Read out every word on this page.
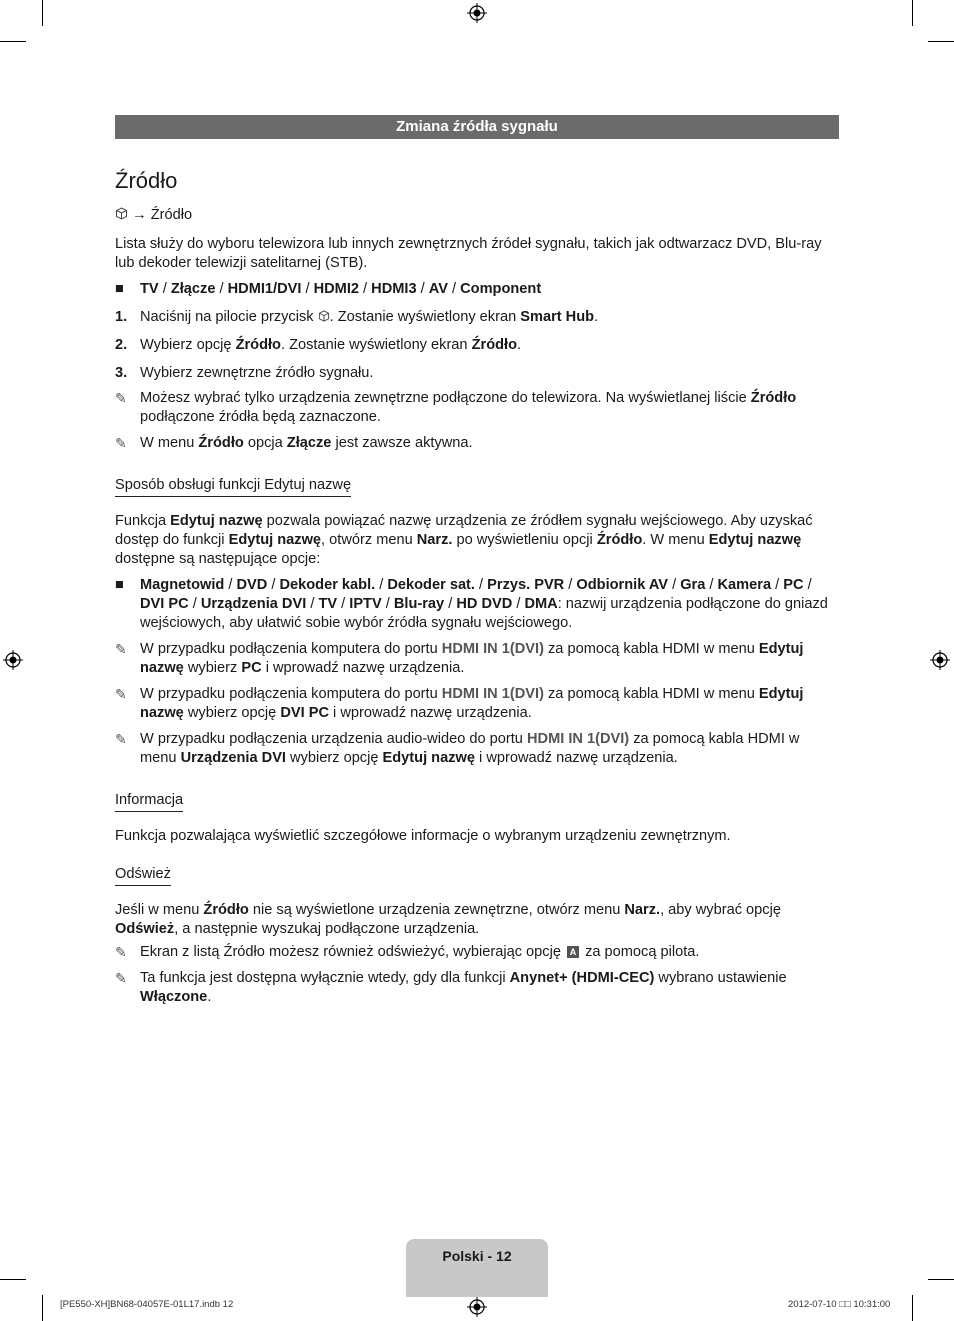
Zmiana źródła sygnału
Źródło
→ Źródło

Lista służy do wyboru telewizora lub innych zewnętrznych źródeł sygnału, takich jak odtwarzacz DVD, Blu-ray lub dekoder telewizji satelitarnej (STB).

■	TV / Złącze / HDMI1/DVI / HDMI2 / HDMI3 / AV / Component
1. Naciśnij na pilocie przycisk . Zostanie wyświetlony ekran Smart Hub.
2. Wybierz opcję Źródło. Zostanie wyświetlony ekran Źródło.
3. Wybierz zewnętrzne źródło sygnału.
✎ Możesz wybrać tylko urządzenia zewnętrzne podłączone do telewizora. Na wyświetlanej liście Źródło podłączone źródła będą zaznaczone.
✎ W menu Źródło opcja Złącze jest zawsze aktywna.
Sposób obsługi funkcji Edytuj nazwę

Funkcja Edytuj nazwę pozwala powiązać nazwę urządzenia ze źródłem sygnału wejściowego. Aby uzyskać dostęp do funkcji Edytuj nazwę, otwórz menu Narz. po wyświetleniu opcji Źródło. W menu Edytuj nazwę dostępne są następujące opcje:

■	Magnetowid / DVD / Dekoder kabl. / Dekoder sat. / Przys. PVR / Odbiornik AV / Gra / Kamera / PC / DVI PC / Urządzenia DVI / TV / IPTV / Blu-ray / HD DVD / DMA: nazwij urządzenia podłączone do gniazd wejściowych, aby ułatwić sobie wybór źródła sygnału wejściowego.
✎ W przypadku podłączenia komputera do portu HDMI IN 1(DVI) za pomocą kabla HDMI w menu Edytuj nazwę wybierz PC i wprowadź nazwę urządzenia.
✎ W przypadku podłączenia komputera do portu HDMI IN 1(DVI) za pomocą kabla HDMI w menu Edytuj nazwę wybierz opcję DVI PC i wprowadź nazwę urządzenia.
✎ W przypadku podłączenia urządzenia audio-wideo do portu HDMI IN 1(DVI) za pomocą kabla HDMI w menu Urządzenia DVI wybierz opcję Edytuj nazwę i wprowadź nazwę urządzenia.
Informacja

Funkcja pozwalająca wyświetlić szczegółowe informacje o wybranym urządzeniu zewnętrznym.

Odśwież

Jeśli w menu Źródło nie są wyświetlone urządzenia zewnętrzne, otwórz menu Narz., aby wybrać opcję Odśwież, a następnie wyszukaj podłączone urządzenia.

✎ Ekran z listą Źródło możesz również odświeżyć, wybierając opcję A za pomocą pilota.
✎ Ta funkcja jest dostępna wyłącznie wtedy, gdy dla funkcji Anynet+ (HDMI-CEC) wybrano ustawienie Włączone.
Polski - 12
[PE550-XH]BN68-04057E-01L17.indb 12	2012-07-10 □□ 10:31:00
